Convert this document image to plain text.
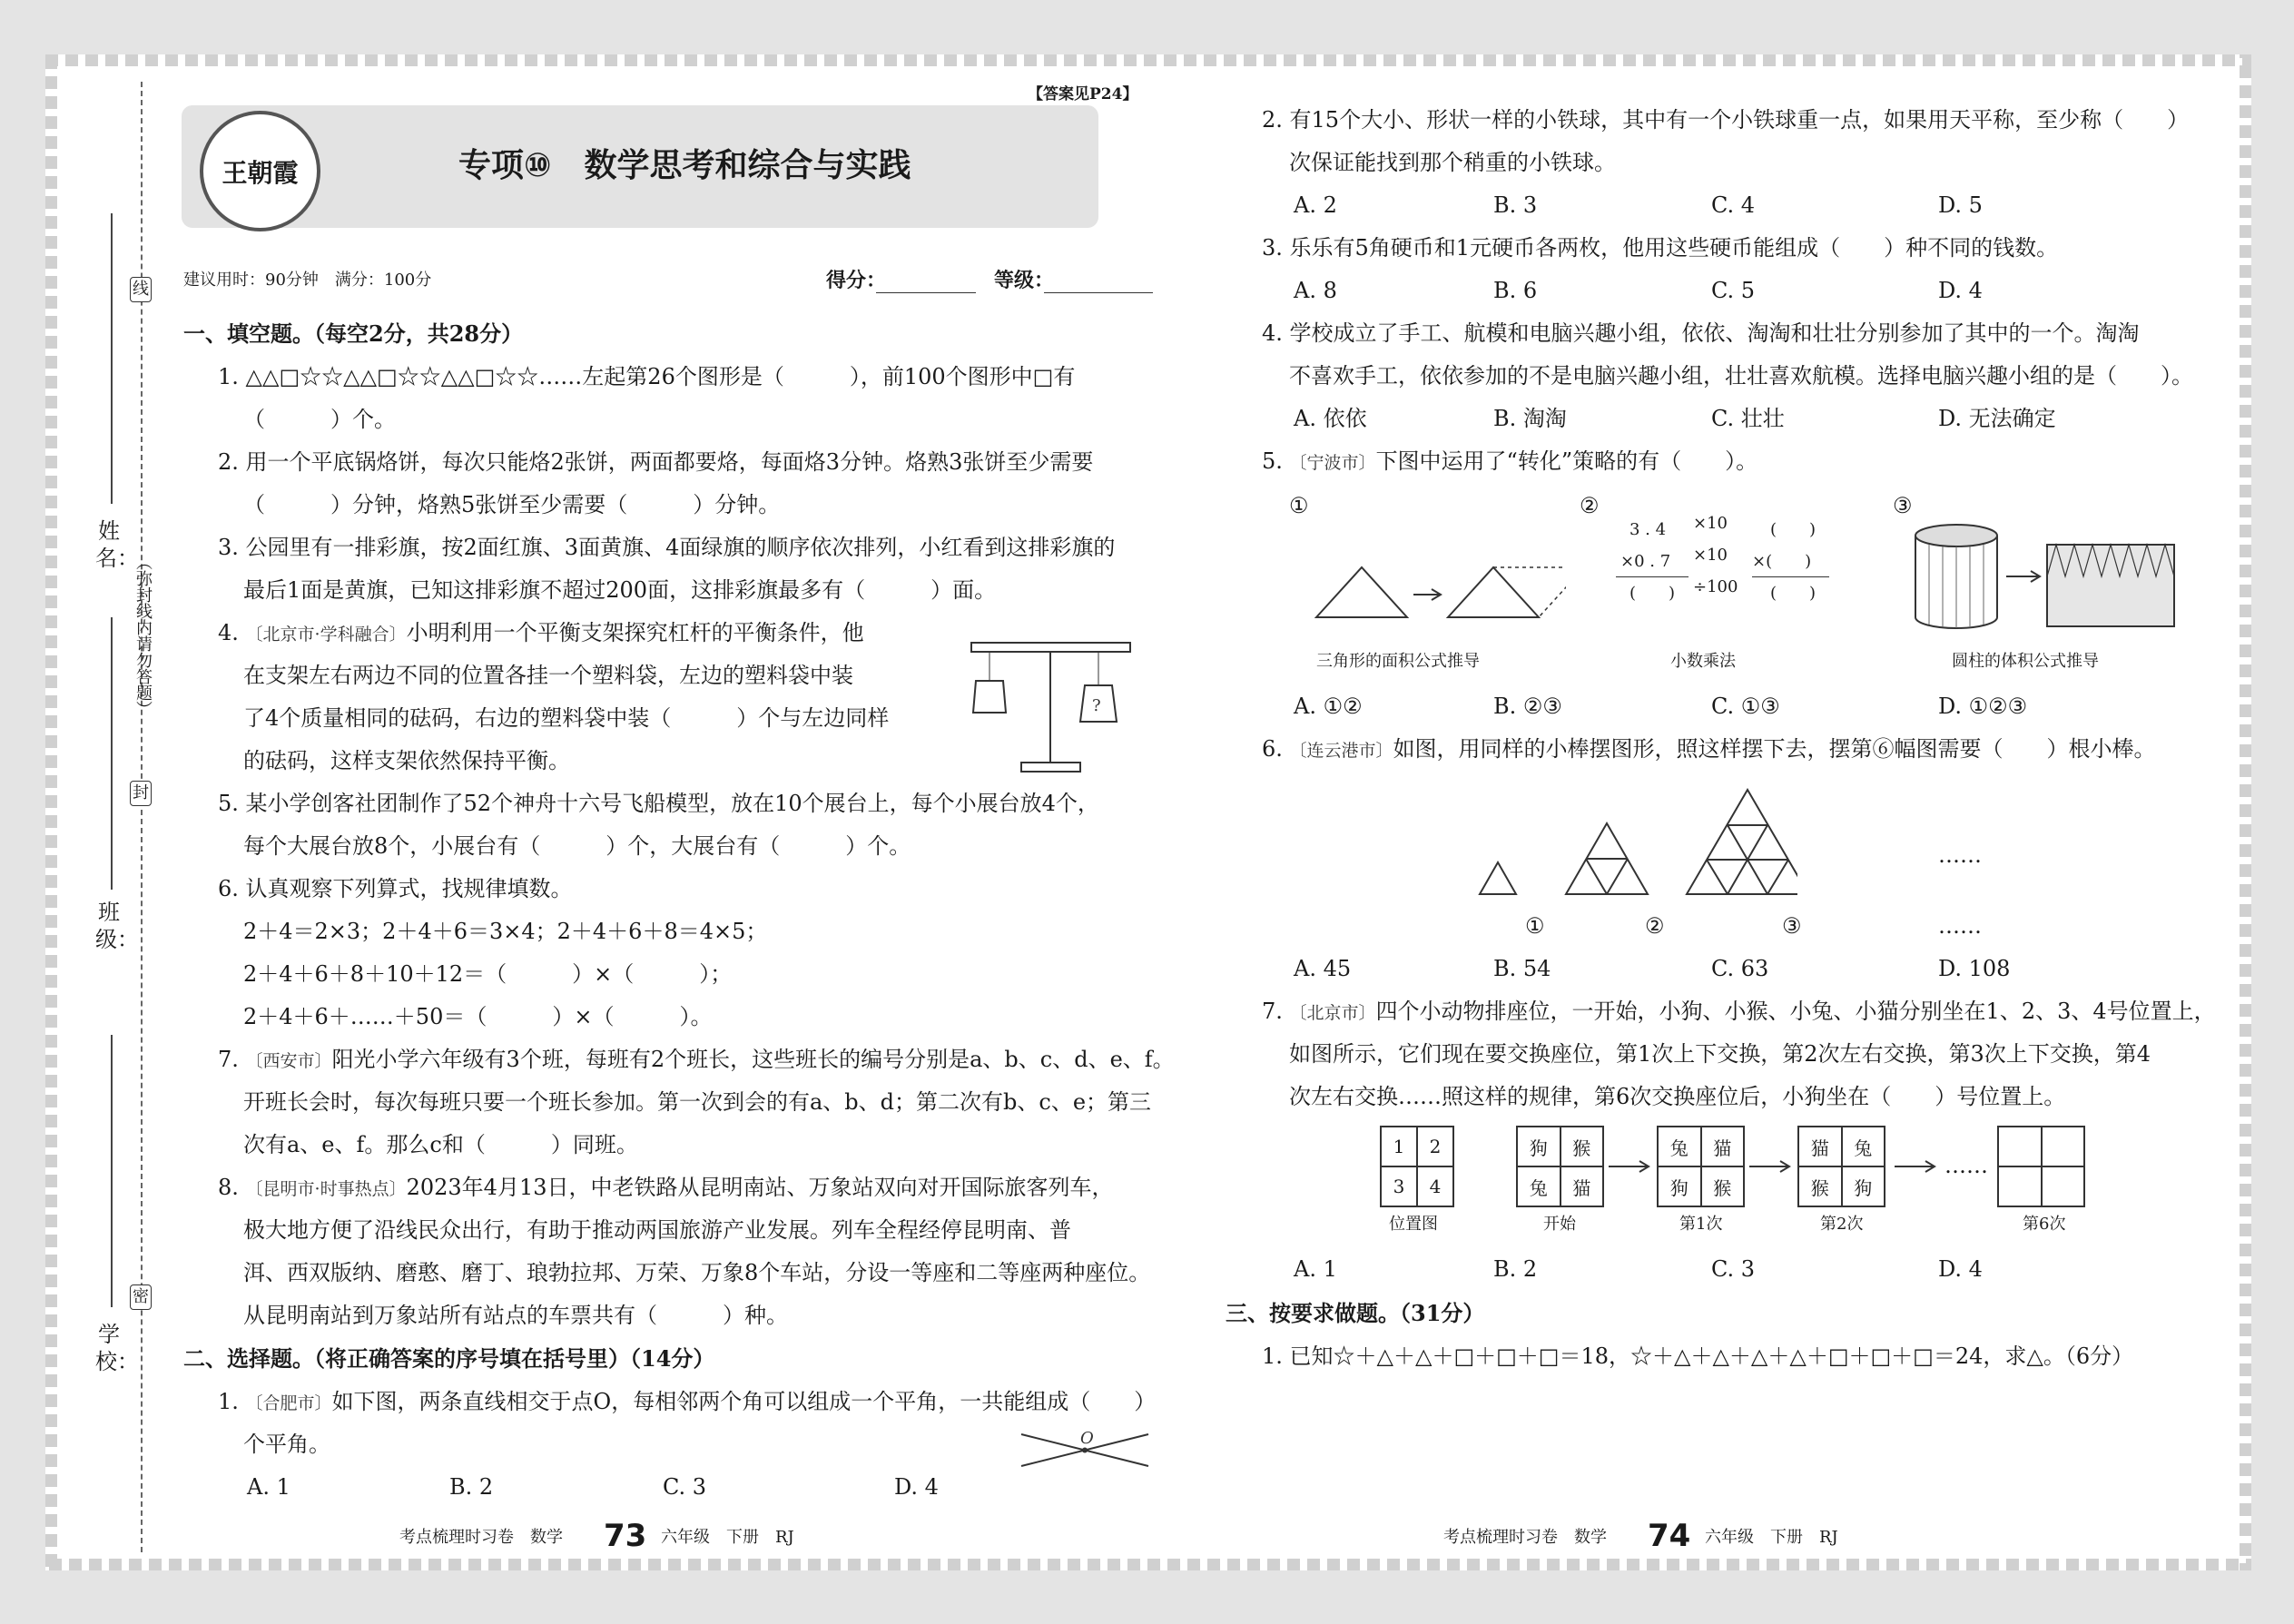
姓名：
班级：
学校：
线
封
密
（弥封线内请勿答题）
【答案见P24】
王朝霞	专项⑩　数学思考和综合与实践
建议用时：90分钟　满分：100分	得分：	等级：
一、填空题。（每空2分，共28分）
1. △△□☆☆△△□☆☆△△□☆☆……左起第26个图形是（　　　），前100个图形中□有
（　　　）个。
2. 用一个平底锅烙饼，每次只能烙2张饼，两面都要烙，每面烙3分钟。烙熟3张饼至少需要
（　　　）分钟，烙熟5张饼至少需要（　　　）分钟。
3. 公园里有一排彩旗，按2面红旗、3面黄旗、4面绿旗的顺序依次排列，小红看到这排彩旗的
最后1面是黄旗，已知这排彩旗不超过200面，这排彩旗最多有（　　　）面。
4. 〔北京市·学科融合〕小明利用一个平衡支架探究杠杆的平衡条件，他
在支架左右两边不同的位置各挂一个塑料袋，左边的塑料袋中装
了4个质量相同的砝码，右边的塑料袋中装（　　　）个与左边同样
的砝码，这样支架依然保持平衡。
?
5. 某小学创客社团制作了52个神舟十六号飞船模型，放在10个展台上，每个小展台放4个，
每个大展台放8个，小展台有（　　　）个，大展台有（　　　）个。
6. 认真观察下列算式，找规律填数。
2＋4＝2×3；2＋4＋6＝3×4；2＋4＋6＋8＝4×5；
2＋4＋6＋8＋10＋12＝（　　　）×（　　　）；
2＋4＋6＋……＋50＝（　　　）×（　　　）。
7. 〔西安市〕阳光小学六年级有3个班，每班有2个班长，这些班长的编号分别是a、b、c、d、e、f。
开班长会时，每次每班只要一个班长参加。第一次到会的有a、b、d；第二次有b、c、e；第三
次有a、e、f。那么c和（　　　）同班。
8. 〔昆明市·时事热点〕2023年4月13日，中老铁路从昆明南站、万象站双向对开国际旅客列车，
极大地方便了沿线民众出行，有助于推动两国旅游产业发展。列车全程经停昆明南、普
洱、西双版纳、磨憨、磨丁、琅勃拉邦、万荣、万象8个车站，分设一等座和二等座两种座位。
从昆明南站到万象站所有站点的车票共有（　　　）种。
二、选择题。（将正确答案的序号填在括号里）（14分）
1. 〔合肥市〕如下图，两条直线相交于点O，每相邻两个角可以组成一个平角，一共能组成（　　）
个平角。
A. 1	B. 2	C. 3	D. 4
O
考点梳理时习卷　数学 73 六年级　下册　RJ
2. 有15个大小、形状一样的小铁球，其中有一个小铁球重一点，如果用天平称，至少称（　　）
次保证能找到那个稍重的小铁球。
A. 2	B. 3	C. 4	D. 5
3. 乐乐有5角硬币和1元硬币各两枚，他用这些硬币能组成（　　）种不同的钱数。
A. 8	B. 6	C. 5	D. 4
4. 学校成立了手工、航模和电脑兴趣小组，依依、淘淘和壮壮分别参加了其中的一个。淘淘
不喜欢手工，依依参加的不是电脑兴趣小组，壮壮喜欢航模。选择电脑兴趣小组的是（　　）。
A. 依依	B. 淘淘	C. 壮壮	D. 无法确定
5. 〔宁波市〕下图中运用了“转化”策略的有（　　）。
①
三角形的面积公式推导
②
3 . 4
×0 . 7
(　　)
×10
×10
÷100
(　　)
×(　　)
(　　)
小数乘法
③
圆柱的体积公式推导
A. ①②	B. ②③	C. ①③	D. ①②③
6. 〔连云港市〕如图，用同样的小棒摆图形，照这样摆下去，摆第⑥幅图需要（　　）根小棒。
①	②	③
……
……
A. 45	B. 54	C. 63	D. 108
7. 〔北京市〕四个小动物排座位，一开始，小狗、小猴、小兔、小猫分别坐在1、2、3、4号位置上，
如图所示，它们现在要交换座位，第1次上下交换，第2次左右交换，第3次上下交换，第4
次左右交换……照这样的规律，第6次交换座位后，小狗坐在（　　）号位置上。
1	2
3	4
位置图
狗	猴
兔	猫
开始
兔	猫
狗	猴
第1次
猫	兔
猴	狗
第2次
……
第6次
A. 1	B. 2	C. 3	D. 4
三、按要求做题。（31分）
1. 已知☆＋△＋△＋□＋□＋□＝18，☆＋△＋△＋△＋△＋□＋□＋□＝24，求△。（6分）
考点梳理时习卷　数学 74 六年级　下册　RJ
